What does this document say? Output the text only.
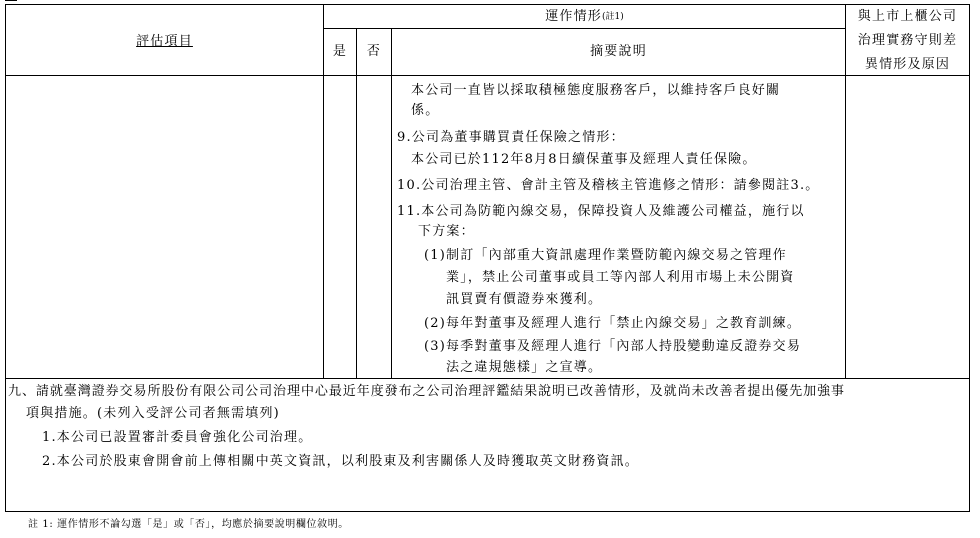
評估項目
運作情形(註1)
是	否	摘要說明
與上市上櫃公司
治理實務守則差
異情形及原因
本公司一直皆以採取積極態度服務客戶，以維持客戶良好關
係。
9.公司為董事購買責任保險之情形：
本公司已於112年8月8日續保董事及經理人責任保險。
10.公司治理主管、會計主管及稽核主管進修之情形：請參閱註3.。
11.本公司為防範內線交易，保障投資人及維護公司權益，施行以
下方案：
(1)制訂「內部重大資訊處理作業暨防範內線交易之管理作
業」，禁止公司董事或員工等內部人利用市場上未公開資
訊買賣有價證券來獲利。
(2)每年對董事及經理人進行「禁止內線交易」之教育訓練。
(3)每季對董事及經理人進行「內部人持股變動違反證券交易
法之違規態樣」之宣導。
九、請就臺灣證券交易所股份有限公司公司治理中心最近年度發布之公司治理評鑑結果說明已改善情形，及就尚未改善者提出優先加強事
項與措施。(未列入受評公司者無需填列)
1.本公司已設置審計委員會強化公司治理。
2.本公司於股東會開會前上傳相關中英文資訊，以利股東及利害關係人及時獲取英文財務資訊。
註 1: 運作情形不論勾選「是」或「否」，均應於摘要說明欄位敘明。
